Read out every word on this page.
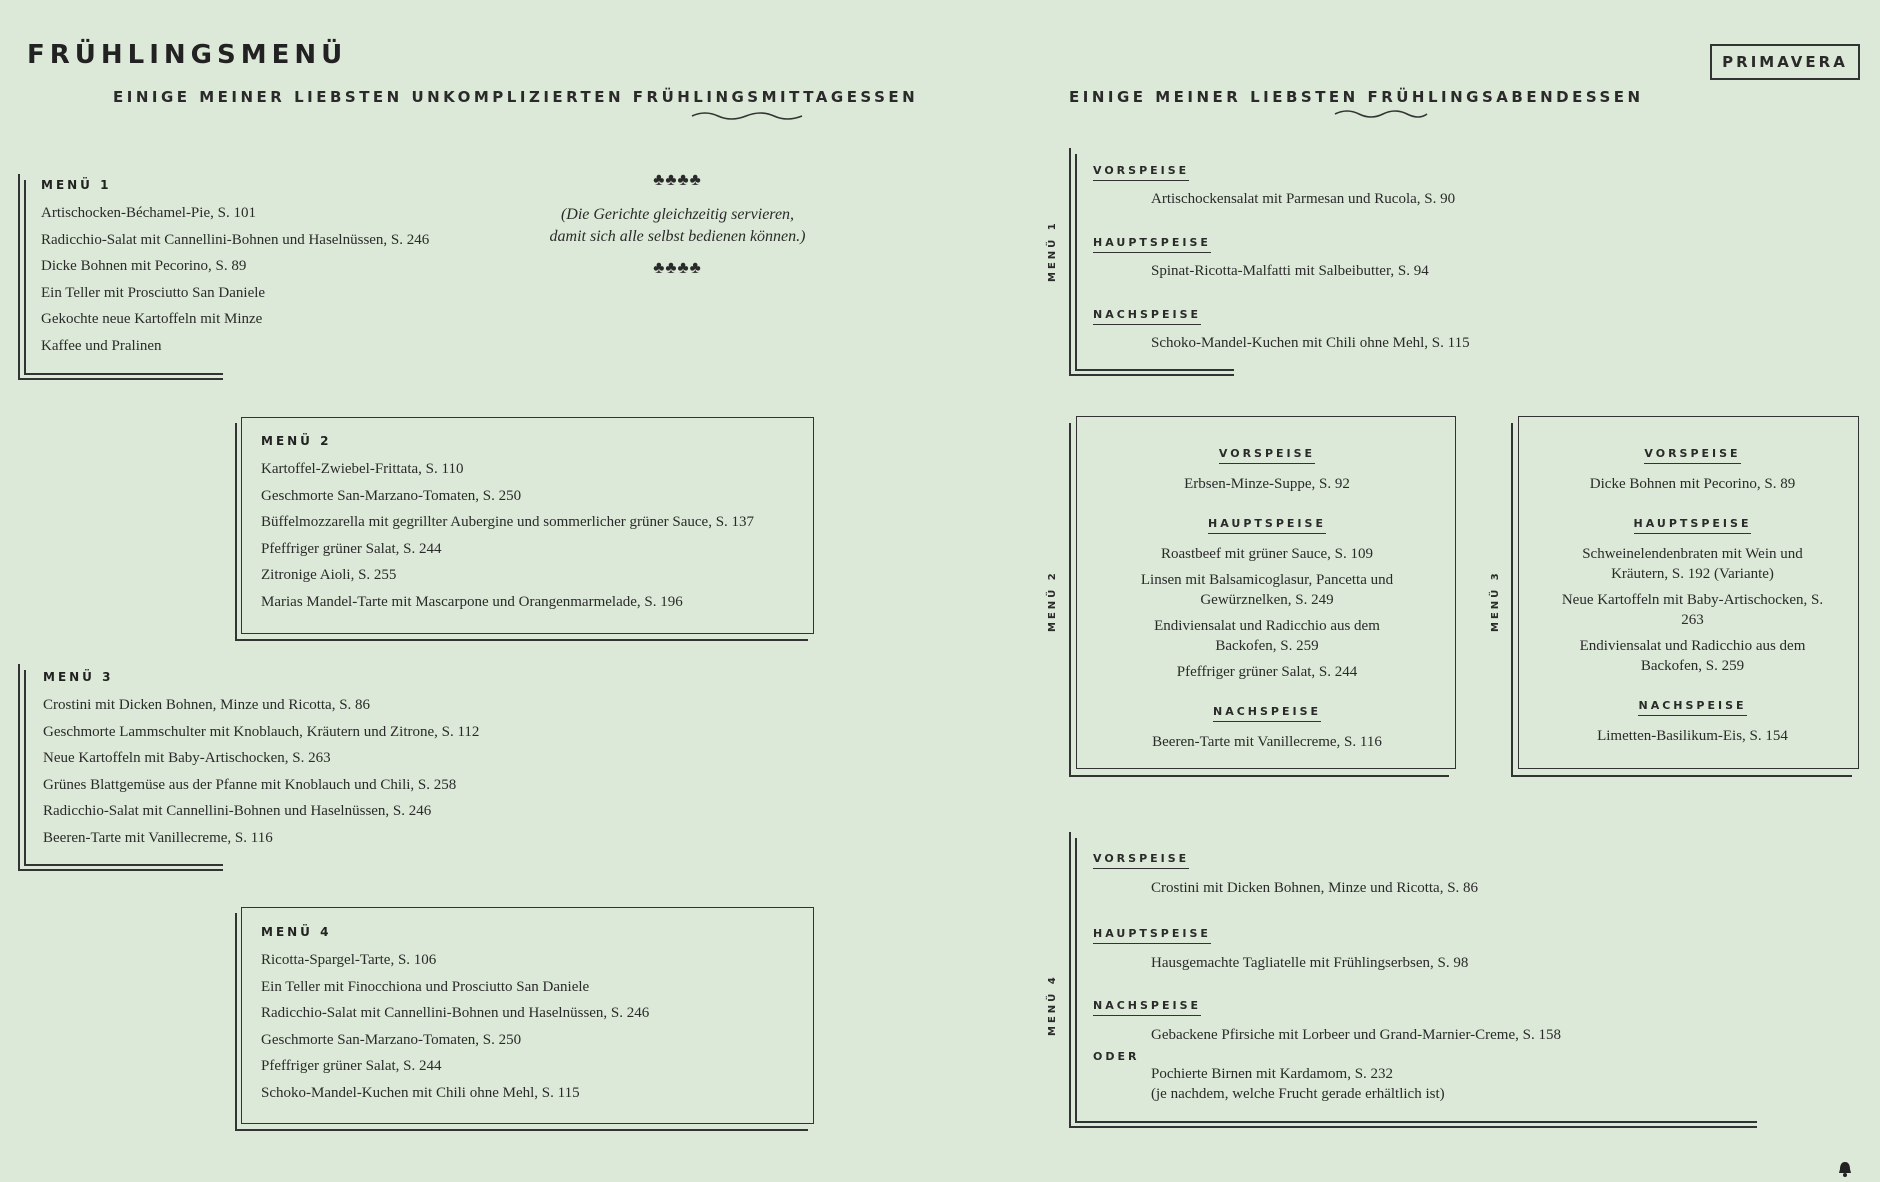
FRÜHLINGSMENÜ	PRIMAVERA
EINIGE MEINER LIEBSTEN UNKOMPLIZIERTEN FRÜHLINGSMITTAGESSEN	EINIGE MEINER LIEBSTEN FRÜHLINGSABENDESSEN
MENÜ 1
Artischocken-Béchamel-Pie, S. 101
Radicchio-Salat mit Cannellini-Bohnen und Haselnüssen, S. 246
Dicke Bohnen mit Pecorino, S. 89
Ein Teller mit Prosciutto San Daniele
Gekochte neue Kartoffeln mit Minze
Kaffee und Pralinen
♣♣♣♣
(Die Gerichte gleichzeitig servieren,
damit sich alle selbst bedienen können.)
♣♣♣♣
MENÜ 2
Kartoffel-Zwiebel-Frittata, S. 110
Geschmorte San-Marzano-Tomaten, S. 250
Büffelmozzarella mit gegrillter Aubergine und sommerlicher grüner Sauce, S. 137
Pfeffriger grüner Salat, S. 244
Zitronige Aioli, S. 255
Marias Mandel-Tarte mit Mascarpone und Orangenmarmelade, S. 196
MENÜ 3
Crostini mit Dicken Bohnen, Minze und Ricotta, S. 86
Geschmorte Lammschulter mit Knoblauch, Kräutern und Zitrone, S. 112
Neue Kartoffeln mit Baby-Artischocken, S. 263
Grünes Blattgemüse aus der Pfanne mit Knoblauch und Chili, S. 258
Radicchio-Salat mit Cannellini-Bohnen und Haselnüssen, S. 246
Beeren-Tarte mit Vanillecreme, S. 116
MENÜ 4
Ricotta-Spargel-Tarte, S. 106
Ein Teller mit Finocchiona und Prosciutto San Daniele
Radicchio-Salat mit Cannellini-Bohnen und Haselnüssen, S. 246
Geschmorte San-Marzano-Tomaten, S. 250
Pfeffriger grüner Salat, S. 244
Schoko-Mandel-Kuchen mit Chili ohne Mehl, S. 115
MENÜ 1
VORSPEISE
Artischockensalat mit Parmesan und Rucola, S. 90
HAUPTSPEISE
Spinat-Ricotta-Malfatti mit Salbeibutter, S. 94
NACHSPEISE
Schoko-Mandel-Kuchen mit Chili ohne Mehl, S. 115
MENÜ 2
VORSPEISE
Erbsen-Minze-Suppe, S. 92
HAUPTSPEISE
Roastbeef mit grüner Sauce, S. 109
Linsen mit Balsamicoglasur, Pancetta und Gewürznelken, S. 249
Endiviensalat und Radicchio aus dem Backofen, S. 259
Pfeffriger grüner Salat, S. 244
NACHSPEISE
Beeren-Tarte mit Vanillecreme, S. 116
MENÜ 3
VORSPEISE
Dicke Bohnen mit Pecorino, S. 89
HAUPTSPEISE
Schweinelendenbraten mit Wein und Kräutern, S. 192 (Variante)
Neue Kartoffeln mit Baby-Artischocken, S. 263
Endiviensalat und Radicchio aus dem Backofen, S. 259
NACHSPEISE
Limetten-Basilikum-Eis, S. 154
MENÜ 4
VORSPEISE
Crostini mit Dicken Bohnen, Minze und Ricotta, S. 86
HAUPTSPEISE
Hausgemachte Tagliatelle mit Frühlingserbsen, S. 98
NACHSPEISE
Gebackene Pfirsiche mit Lorbeer und Grand-Marnier-Creme, S. 158
ODER
Pochierte Birnen mit Kardamom, S. 232
(je nachdem, welche Frucht gerade erhältlich ist)
